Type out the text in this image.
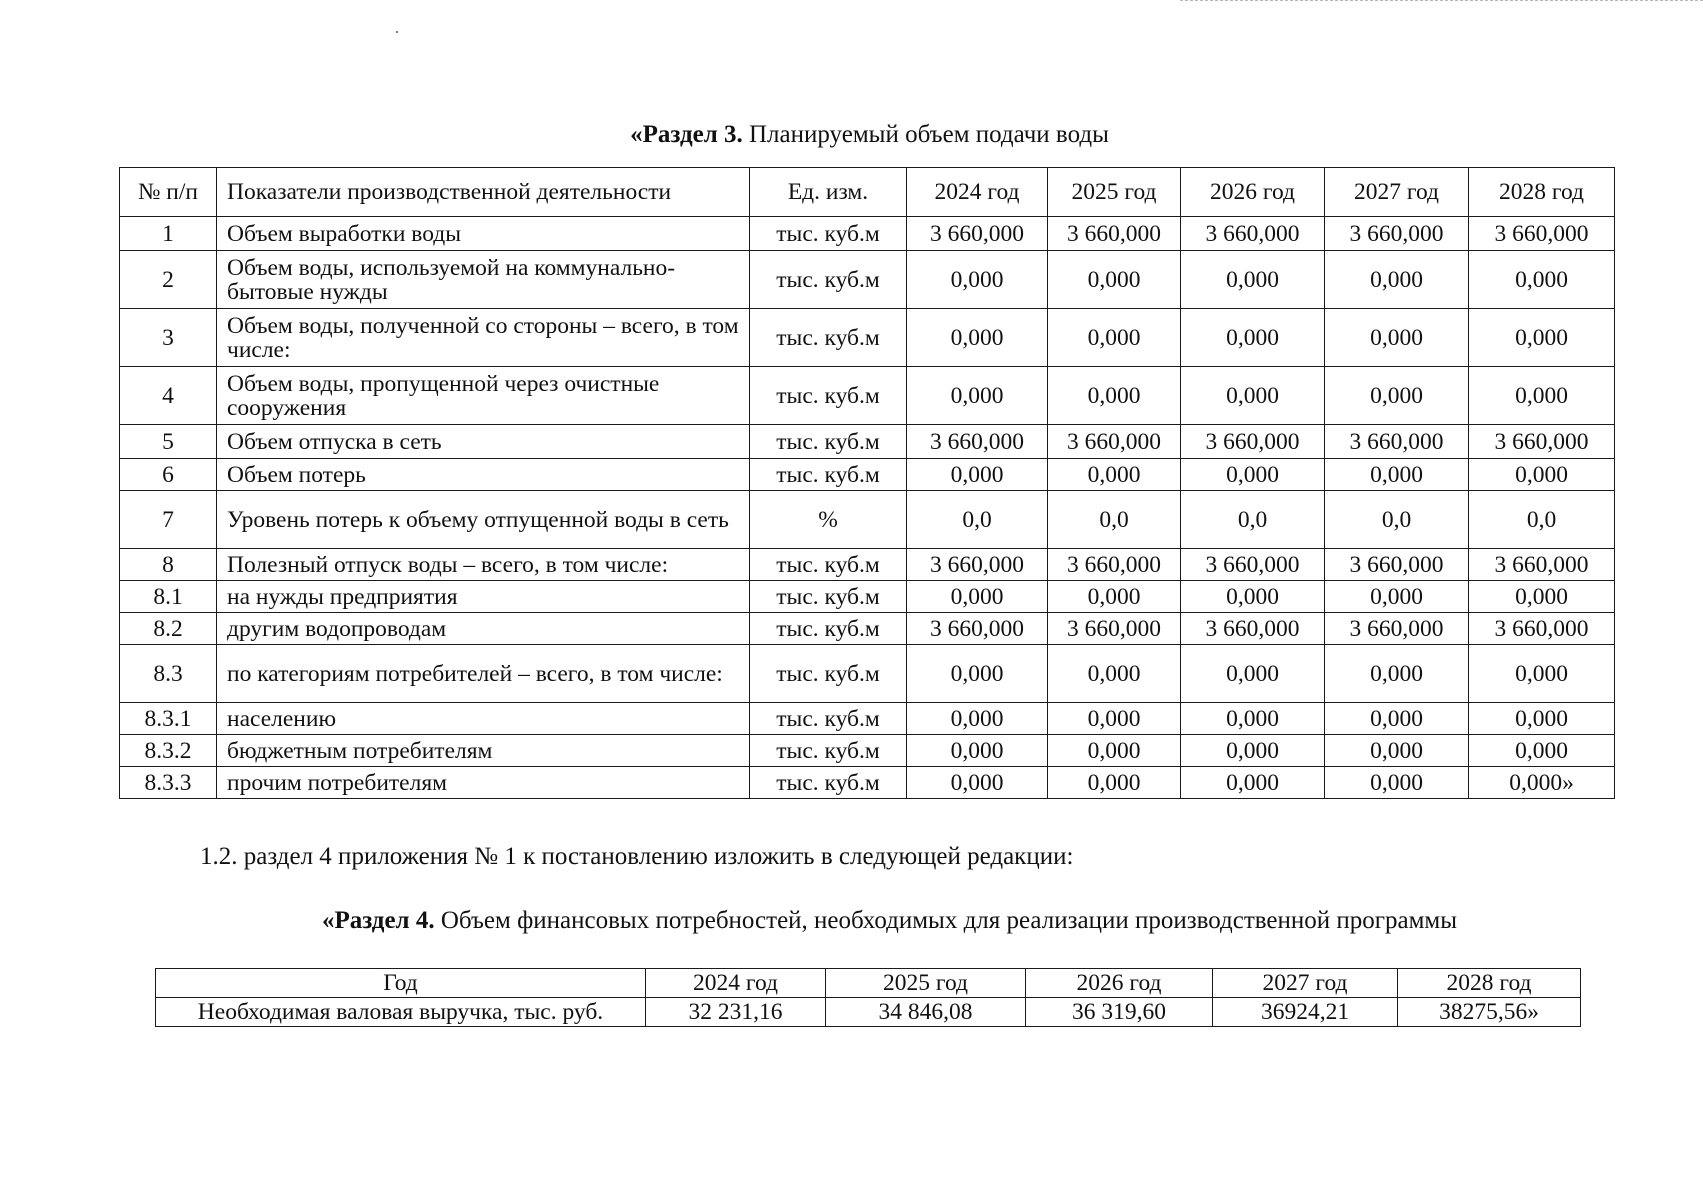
«Раздел 3. Планируемый объем подачи воды
№ п/п	Показатели производственной деятельности	Ед. изм.	2024 год	2025 год	2026 год	2027 год	2028 год
1	Объем выработки воды	тыс. куб.м	3 660,000	3 660,000	3 660,000	3 660,000	3 660,000
2	Объем воды, используемой на коммунально-бытовые нужды	тыс. куб.м	0,000	0,000	0,000	0,000	0,000
3	Объем воды, полученной со стороны – всего, в том числе:	тыс. куб.м	0,000	0,000	0,000	0,000	0,000
4	Объем воды, пропущенной через очистные сооружения	тыс. куб.м	0,000	0,000	0,000	0,000	0,000
5	Объем отпуска в сеть	тыс. куб.м	3 660,000	3 660,000	3 660,000	3 660,000	3 660,000
6	Объем потерь	тыс. куб.м	0,000	0,000	0,000	0,000	0,000
7	Уровень потерь к объему отпущенной воды в сеть	%	0,0	0,0	0,0	0,0	0,0
8	Полезный отпуск воды – всего, в том числе:	тыс. куб.м	3 660,000	3 660,000	3 660,000	3 660,000	3 660,000
8.1	на нужды предприятия	тыс. куб.м	0,000	0,000	0,000	0,000	0,000
8.2	другим водопроводам	тыс. куб.м	3 660,000	3 660,000	3 660,000	3 660,000	3 660,000
8.3	по категориям потребителей – всего, в том числе:	тыс. куб.м	0,000	0,000	0,000	0,000	0,000
8.3.1	населению	тыс. куб.м	0,000	0,000	0,000	0,000	0,000
8.3.2	бюджетным потребителям	тыс. куб.м	0,000	0,000	0,000	0,000	0,000
8.3.3	прочим потребителям	тыс. куб.м	0,000	0,000	0,000	0,000	0,000»

1.2. раздел 4 приложения № 1 к постановлению изложить в следующей редакции:

«Раздел 4. Объем финансовых потребностей, необходимых для реализации производственной программы
Год	2024 год	2025 год	2026 год	2027 год	2028 год
Необходимая валовая выручка, тыс. руб.	32 231,16	34 846,08	36 319,60	36924,21	38275,56»
